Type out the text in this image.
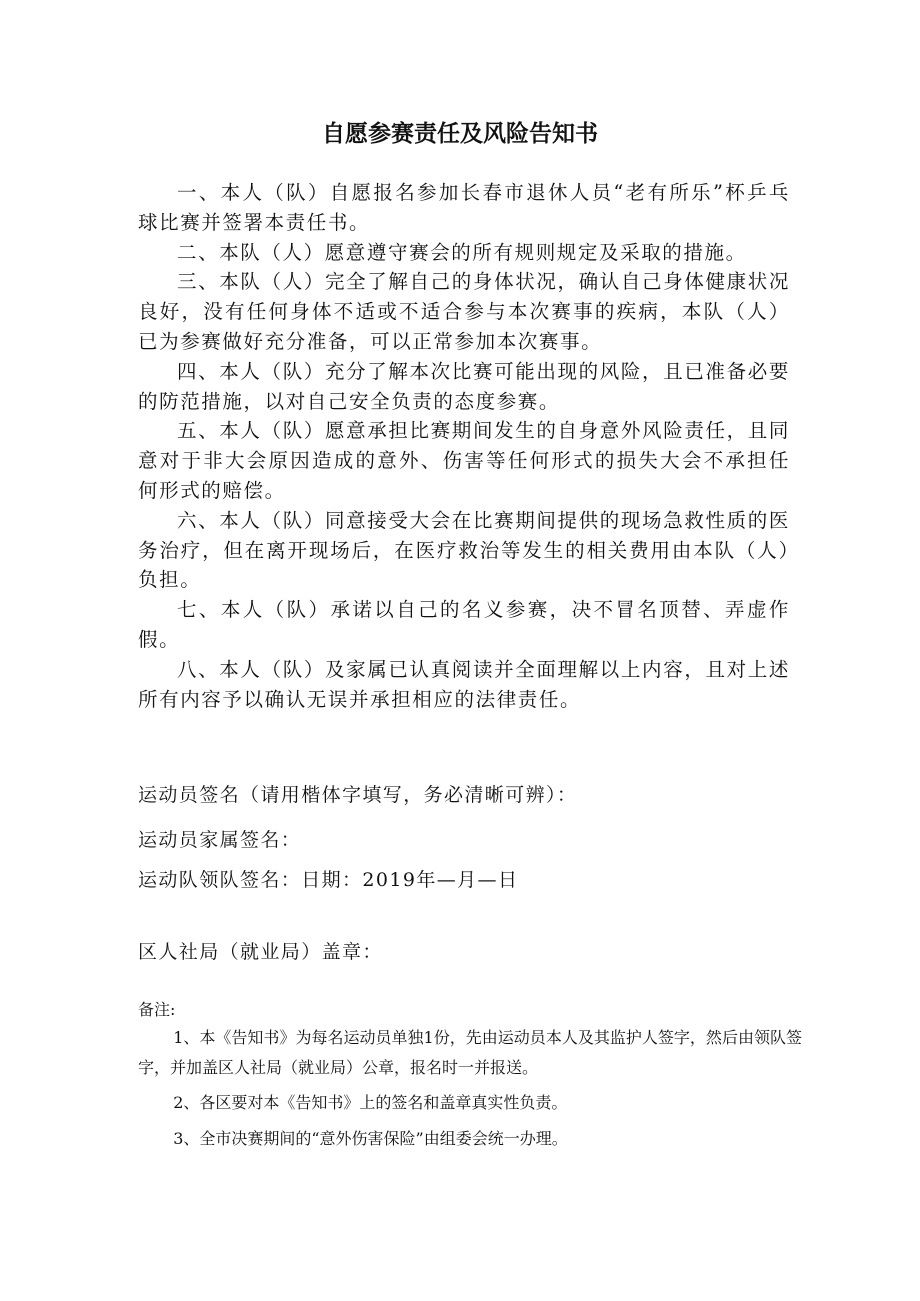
自愿参赛责任及风险告知书

一、本人（队）自愿报名参加长春市退休人员“老有所乐”杯乒乓球比赛并签署本责任书。

二、本队（人）愿意遵守赛会的所有规则规定及采取的措施。

三、本队（人）完全了解自己的身体状况，确认自己身体健康状况良好，没有任何身体不适或不适合参与本次赛事的疾病，本队（人）已为参赛做好充分准备，可以正常参加本次赛事。

四、本人（队）充分了解本次比赛可能出现的风险，且已准备必要的防范措施，以对自己安全负责的态度参赛。

五、本人（队）愿意承担比赛期间发生的自身意外风险责任，且同意对于非大会原因造成的意外、伤害等任何形式的损失大会不承担任何形式的赔偿。

六、本人（队）同意接受大会在比赛期间提供的现场急救性质的医务治疗，但在离开现场后，在医疗救治等发生的相关费用由本队（人）负担。

七、本人（队）承诺以自己的名义参赛，决不冒名顶替、弄虚作假。

八、本人（队）及家属已认真阅读并全面理解以上内容，且对上述所有内容予以确认无误并承担相应的法律责任。

运动员签名（请用楷体字填写，务必清晰可辨）：
运动员家属签名：
运动队领队签名：日期：2019年—月—日
区人社局（就业局）盖章：
备注:

1、本《告知书》为每名运动员单独1份，先由运动员本人及其监护人签字，然后由领队签字，并加盖区人社局（就业局）公章，报名时一并报送。

2、各区要对本《告知书》上的签名和盖章真实性负责。

3、全市决赛期间的“意外伤害保险”由组委会统一办理。
